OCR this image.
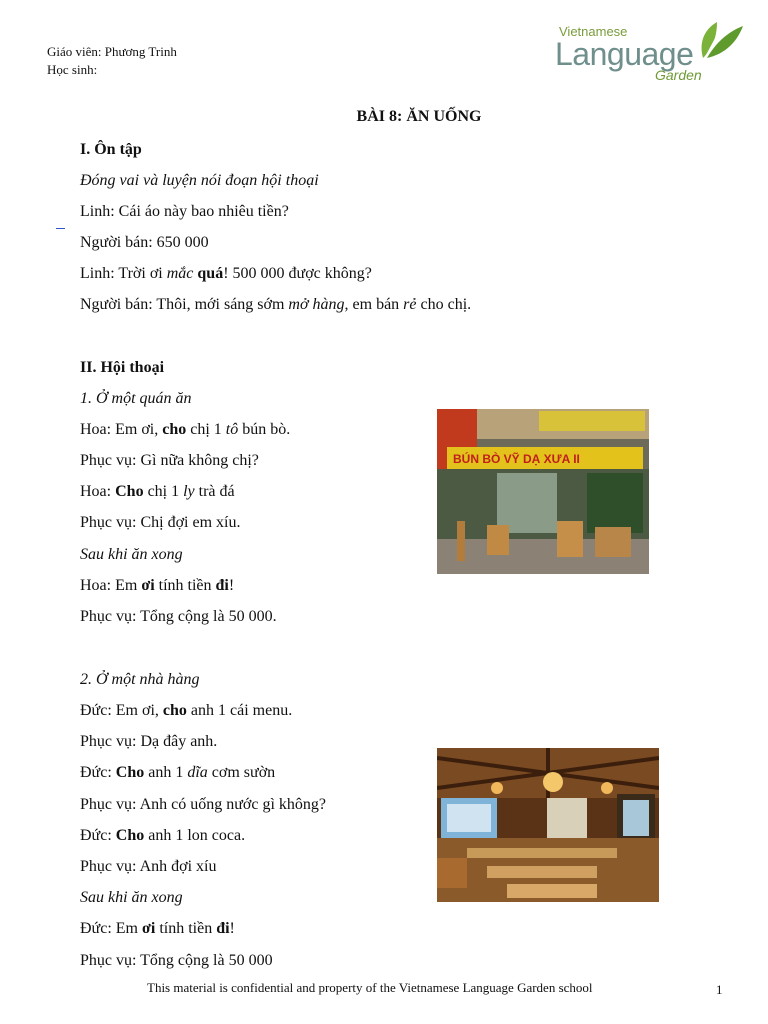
Giáo viên: Phương Trinh
Học sinh:
Vietnamese
Language
Garden
BÀI 8: ĂN UỐNG
I. Ôn tập
Đóng vai và luyện nói đoạn hội thoại
Linh: Cái áo này bao nhiêu tiền?
Người bán: 650 000
Linh: Trời ơi mắc quá! 500 000 được không?
Người bán: Thôi, mới sáng sớm mở hàng, em bán rẻ cho chị.
II. Hội thoại
1. Ở một quán ăn
Hoa: Em ơi, cho chị 1 tô bún bò.
Phục vụ: Gì nữa không chị?
Hoa: Cho chị 1 ly trà đá
Phục vụ: Chị đợi em xíu.
Sau khi ăn xong
Hoa: Em ơi tính tiền đi!
Phục vụ: Tổng cộng là 50 000.
BÚN BÒ VỸ DẠ XƯA II
2. Ở một nhà hàng
Đức: Em ơi, cho anh 1 cái menu.
Phục vụ: Dạ đây anh.
Đức: Cho anh 1 dĩa cơm sườn
Phục vụ: Anh có uống nước gì không?
Đức: Cho anh 1 lon coca.
Phục vụ: Anh đợi xíu
Sau khi ăn xong
Đức: Em ơi tính tiền đi!
Phục vụ: Tổng cộng là 50 000
This material is confidential and property of the Vietnamese Language Garden school	1
